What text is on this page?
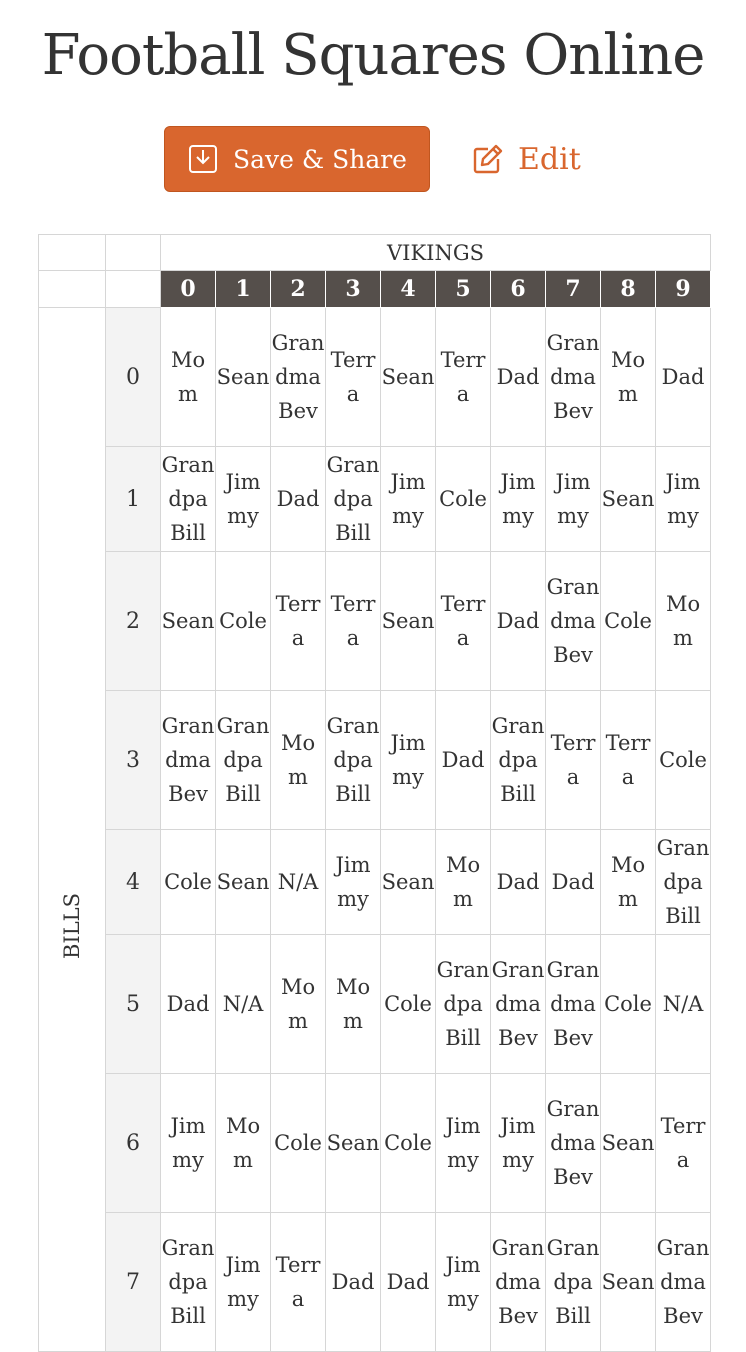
Football Squares Online
Save & Share	Edit
		VIKINGS									
		0	1	2	3	4	5	6	7	8	9
BILLS	0	Mom	Sean	Grandma Bev	Terra	Sean	Terra	Dad	Grandma Bev	Mom	Dad
	1	Grandpa Bill	Jimmy	Dad	Grandpa Bill	Jimmy	Cole	Jimmy	Jimmy	Sean	Jimmy
	2	Sean	Cole	Terra	Terra	Sean	Terra	Dad	Grandma Bev	Cole	Mom
	3	Grandma Bev	Grandpa Bill	Mom	Grandpa Bill	Jimmy	Dad	Grandpa Bill	Terra	Terra	Cole
	4	Cole	Sean	N/A	Jimmy	Sean	Mom	Dad	Dad	Mom	Grandpa Bill
	5	Dad	N/A	Mom	Mom	Cole	Grandpa Bill	Grandma Bev	Grandma Bev	Cole	N/A
	6	Jimmy	Mom	Cole	Sean	Cole	Jimmy	Jimmy	Grandma Bev	Sean	Terra
	7	Grandpa Bill	Jimmy	Terra	Dad	Dad	Jimmy	Grandma Bev	Grandpa Bill	Sean	Grandma Bev
